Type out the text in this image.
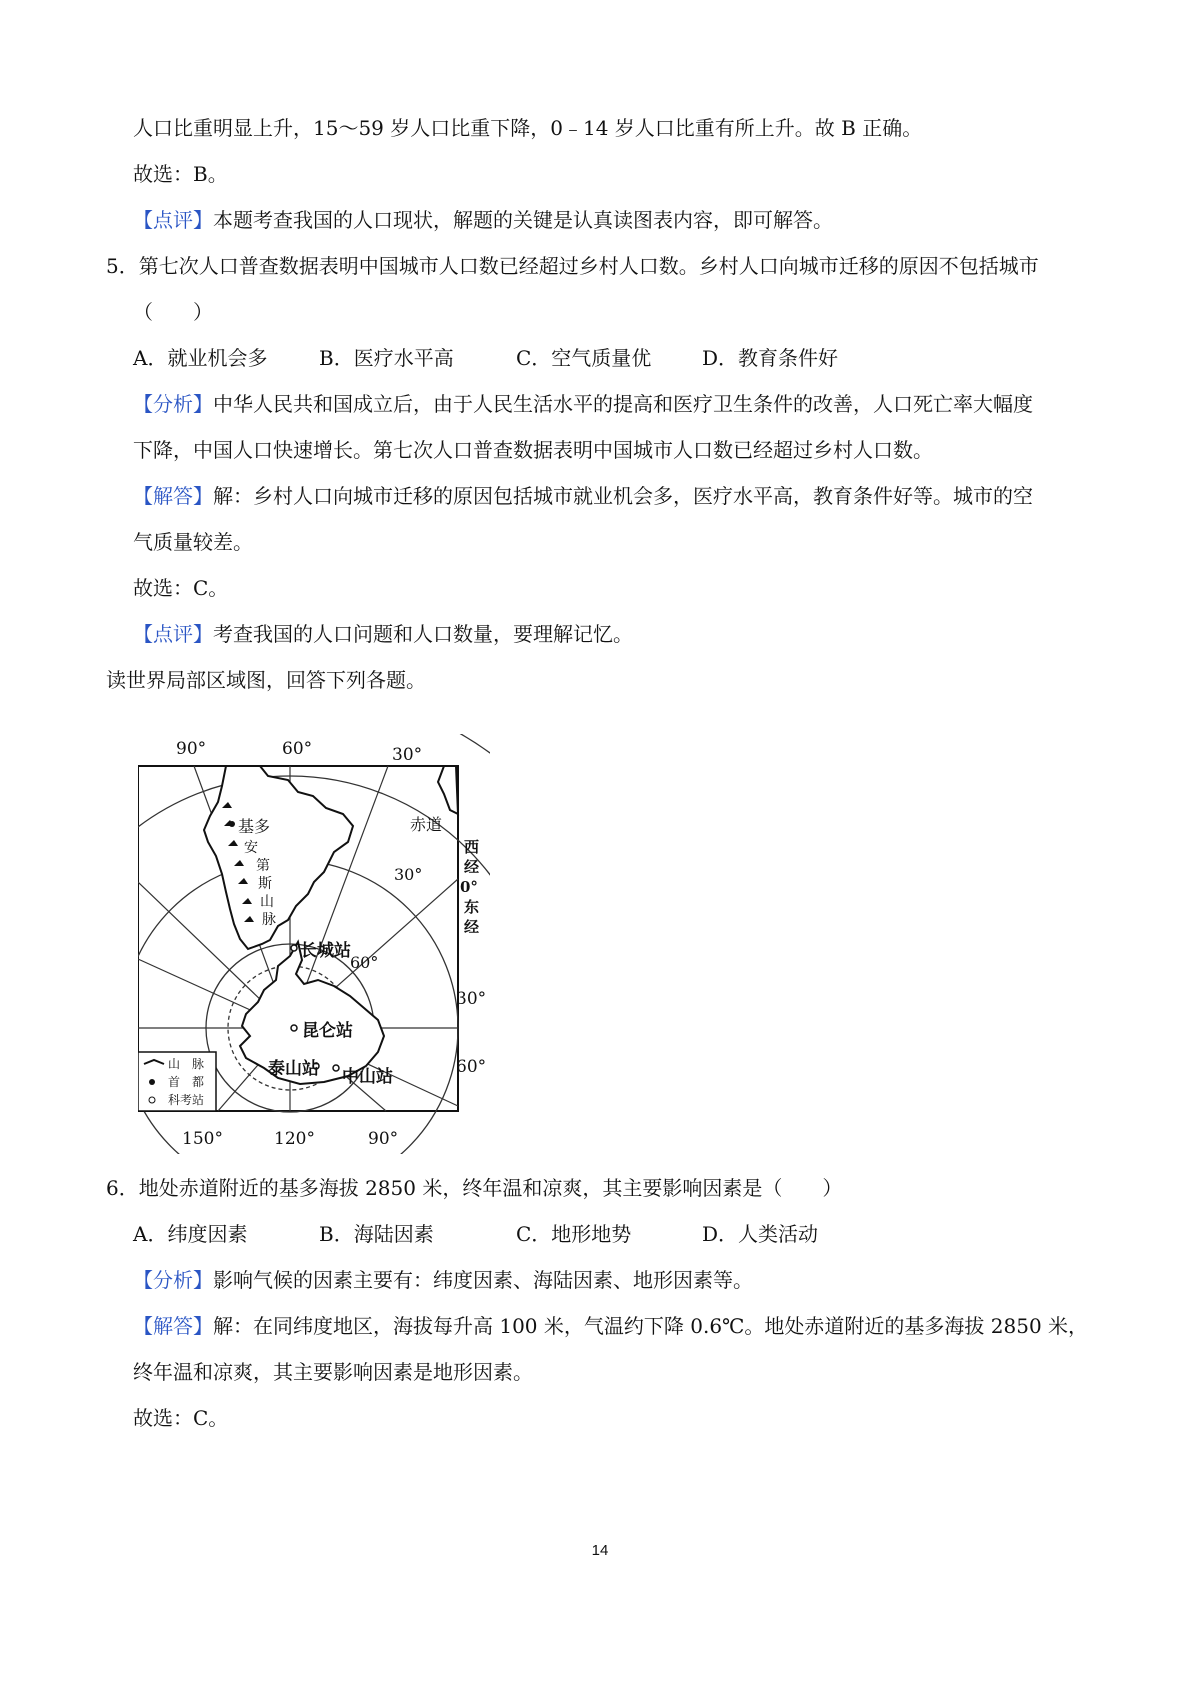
人口比重明显上升，15～59 岁人口比重下降，0﹣14 岁人口比重有所上升。故 B 正确。
故选：B。
【点评】本题考查我国的人口现状，解题的关键是认真读图表内容，即可解答。
5．第七次人口普查数据表明中国城市人口数已经超过乡村人口数。乡村人口向城市迁移的原因不包括城市
（　　）
A．就业机会多	B．医疗水平高	C．空气质量优	D．教育条件好
【分析】中华人民共和国成立后，由于人民生活水平的提高和医疗卫生条件的改善，人口死亡率大幅度
下降，中国人口快速增长。第七次人口普查数据表明中国城市人口数已经超过乡村人口数。
【解答】解：乡村人口向城市迁移的原因包括城市就业机会多，医疗水平高，教育条件好等。城市的空
气质量较差。
故选：C。
【点评】考查我国的人口问题和人口数量，要理解记忆。
读世界局部区域图，回答下列各题。
90°	60°	30°
150°	120°	90°
30°
60°
30°
60°
赤道
西
经
0°
东
经
基多
安
第
斯
山
脉
长城站
昆仑站
泰山站 中山站
山　脉
首　都
科考站
6．地处赤道附近的基多海拔 2850 米，终年温和凉爽，其主要影响因素是（　　）
A．纬度因素	B．海陆因素	C．地形地势	D．人类活动
【分析】影响气候的因素主要有：纬度因素、海陆因素、地形因素等。
【解答】解：在同纬度地区，海拔每升高 100 米，气温约下降 0.6℃。地处赤道附近的基多海拔 2850 米，
终年温和凉爽，其主要影响因素是地形因素。
故选：C。
14
